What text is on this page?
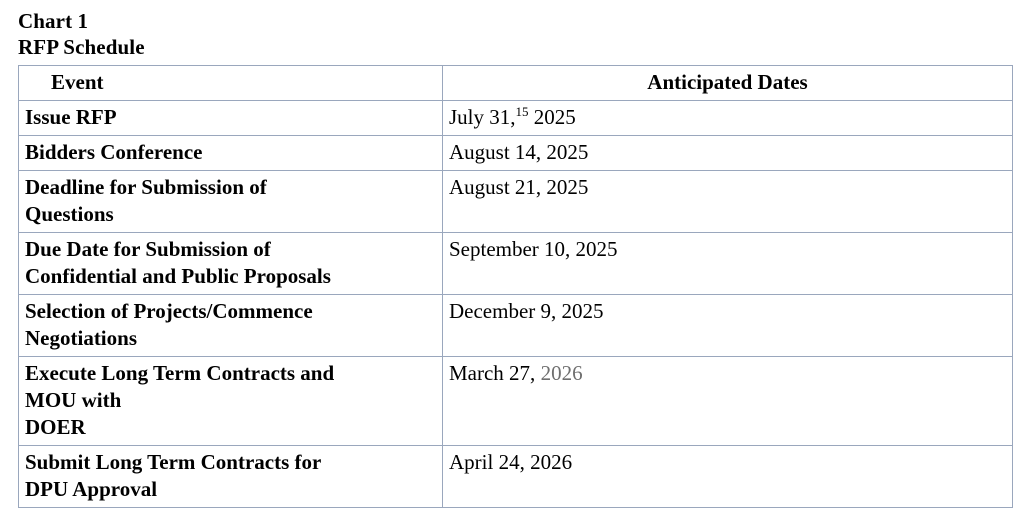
Chart 1
RFP Schedule
Event	Anticipated Dates
Issue RFP	July 31,15 2025
Bidders Conference	August 14, 2025

Deadline for Submission of
Questions	August 21, 2025

Due Date for Submission of
Confidential and Public Proposals	September 10, 2025

Selection of Projects/Commence
Negotiations	December 9, 2025

Execute Long Term Contracts and
MOU with
DOER	March 27, 2026

Submit Long Term Contracts for
DPU Approval	April 24, 2026
